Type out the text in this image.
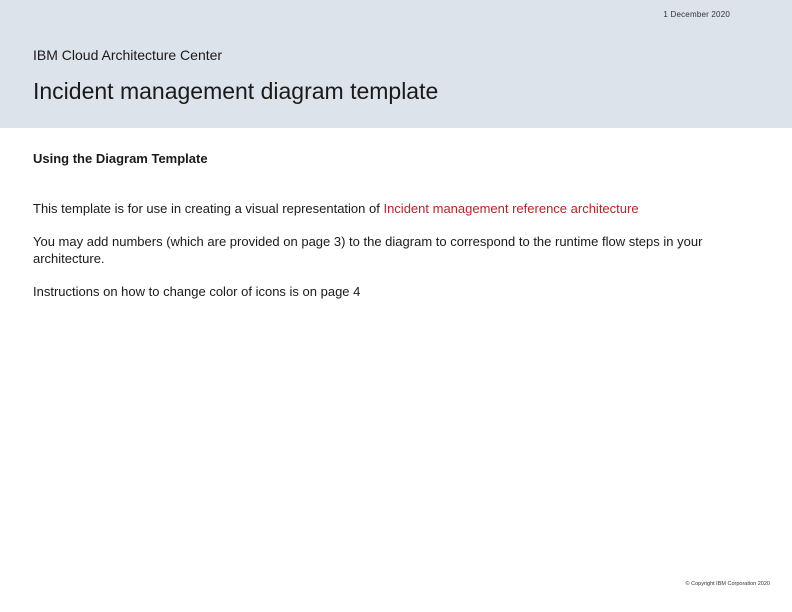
1 December 2020
IBM Cloud Architecture Center
Incident management diagram template
Using the Diagram Template

This template is for use in creating a visual representation of Incident management reference architecture

You may add numbers (which are provided on page 3) to the diagram to correspond to the runtime flow steps in your architecture.

Instructions on how to change color of icons is on page 4

© Copyright IBM Corporation 2020
